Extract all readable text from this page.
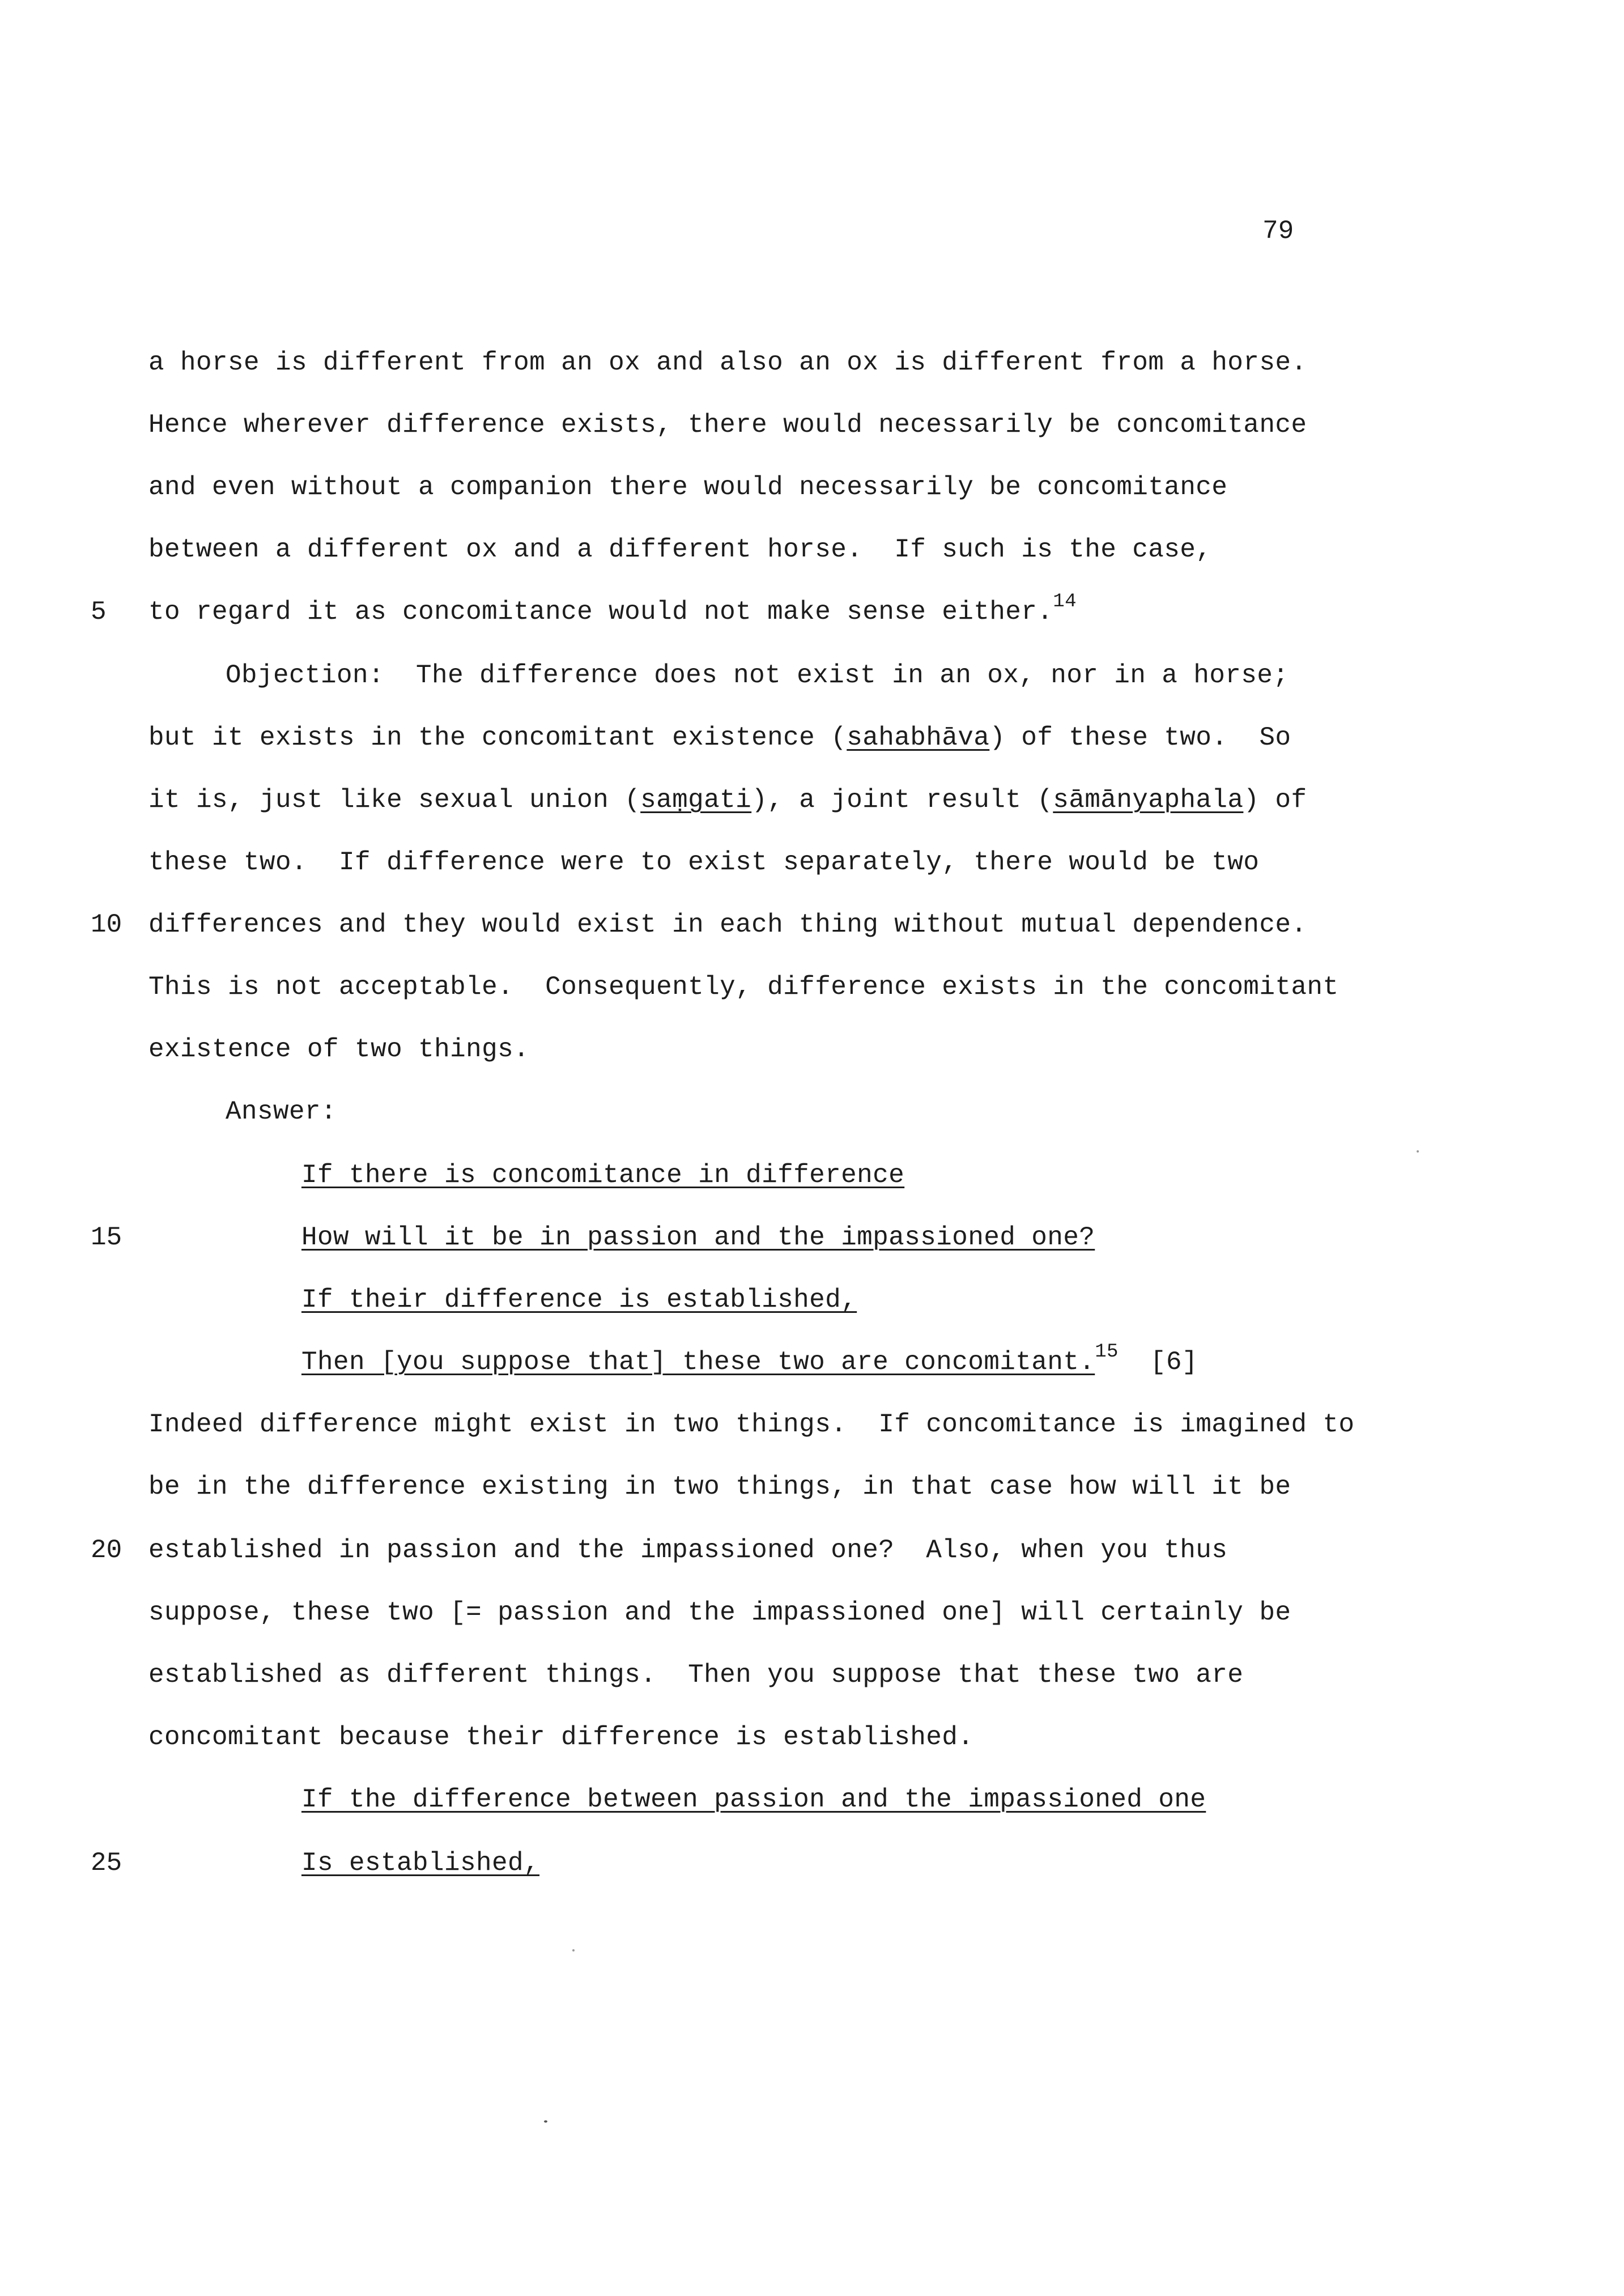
79
a horse is different from an ox and also an ox is different from a horse.
Hence wherever difference exists, there would necessarily be concomitance
and even without a companion there would necessarily be concomitance
between a different ox and a different horse.  If such is the case,
5 to regard it as concomitance would not make sense either.$^{14}$
Objection:  The difference does not exist in an ox, nor in a horse;
but it exists in the concomitant existence (sahabhāva) of these two.  So
it is, just like sexual union (saṃgati), a joint result (sāmānyaphala) of
these two.  If difference were to exist separately, there would be two
10 differences and they would exist in each thing without mutual dependence.
This is not acceptable.  Consequently, difference exists in the concomitant
existence of two things.
Answer:
If there is concomitance in difference
15	How will it be in passion and the impassioned one?
If their difference is established,
Then [you suppose that] these two are concomitant.$^{15}$ [6]
Indeed difference might exist in two things.  If concomitance is imagined to
be in the difference existing in two things, in that case how will it be
20 established in passion and the impassioned one?  Also, when you thus
suppose, these two [= passion and the impassioned one] will certainly be
established as different things.  Then you suppose that these two are
concomitant because their difference is established.
If the difference between passion and the impassioned one
25	Is established,
